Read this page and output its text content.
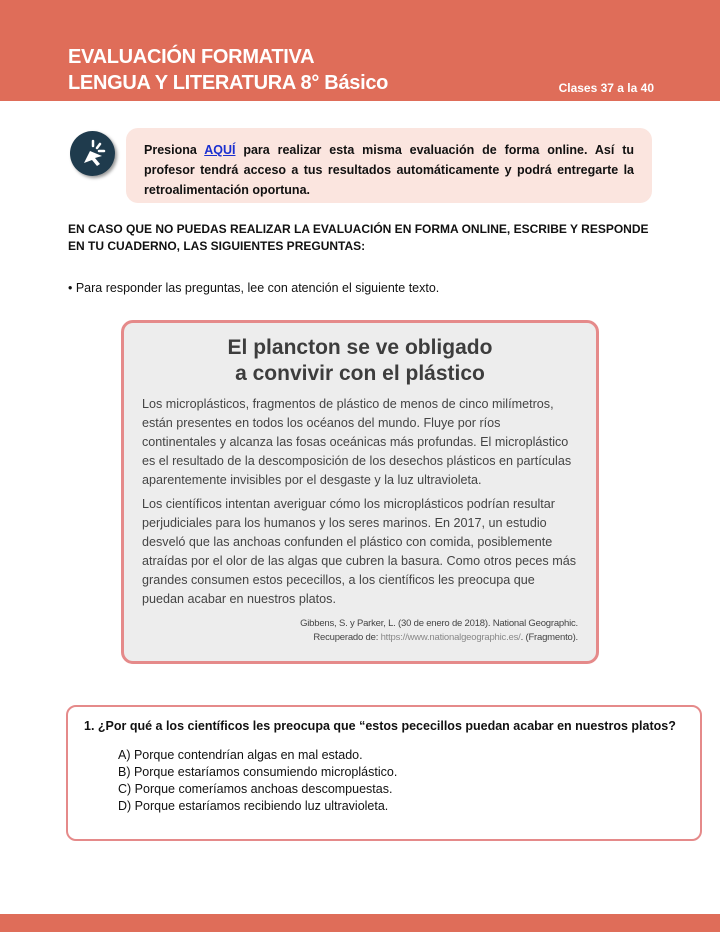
EVALUACIÓN FORMATIVA
LENGUA Y LITERATURA 8° Básico	Clases 37 a la 40
Presiona AQUÍ para realizar esta misma evaluación de forma online. Así tu profesor tendrá acceso a tus resultados automáticamente y podrá entregarte la retroalimentación oportuna.
EN CASO QUE NO PUEDAS REALIZAR LA EVALUACIÓN EN FORMA ONLINE, ESCRIBE Y RESPONDE EN TU CUADERNO, LAS SIGUIENTES PREGUNTAS:
• Para responder las preguntas, lee con atención el siguiente texto.
El plancton se ve obligado
a convivir con el plástico

Los microplásticos, fragmentos de plástico de menos de cinco milímetros, están presentes en todos los océanos del mundo. Fluye por ríos continentales y alcanza las fosas oceánicas más profundas. El microplástico es el resultado de la descomposición de los desechos plásticos en partículas aparentemente invisibles por el desgaste y la luz ultravioleta.

Los científicos intentan averiguar cómo los microplásticos podrían resultar perjudiciales para los humanos y los seres marinos. En 2017, un estudio desveló que las anchoas confunden el plástico con comida, posiblemente atraídas por el olor de las algas que cubren la basura. Como otros peces más grandes consumen estos pececillos, a los científicos les preocupa que puedan acabar en nuestros platos.

Gibbens, S. y Parker, L. (30 de enero de 2018). National Geographic.
Recuperado de: https://www.nationalgeographic.es/. (Fragmento).
1. ¿Por qué a los científicos les preocupa que “estos pececillos puedan acabar en nuestros platos?
A) Porque contendrían algas en mal estado.
B) Porque estaríamos consumiendo microplástico.
C) Porque comeríamos anchoas descompuestas.
D) Porque estaríamos recibiendo luz ultravioleta.
